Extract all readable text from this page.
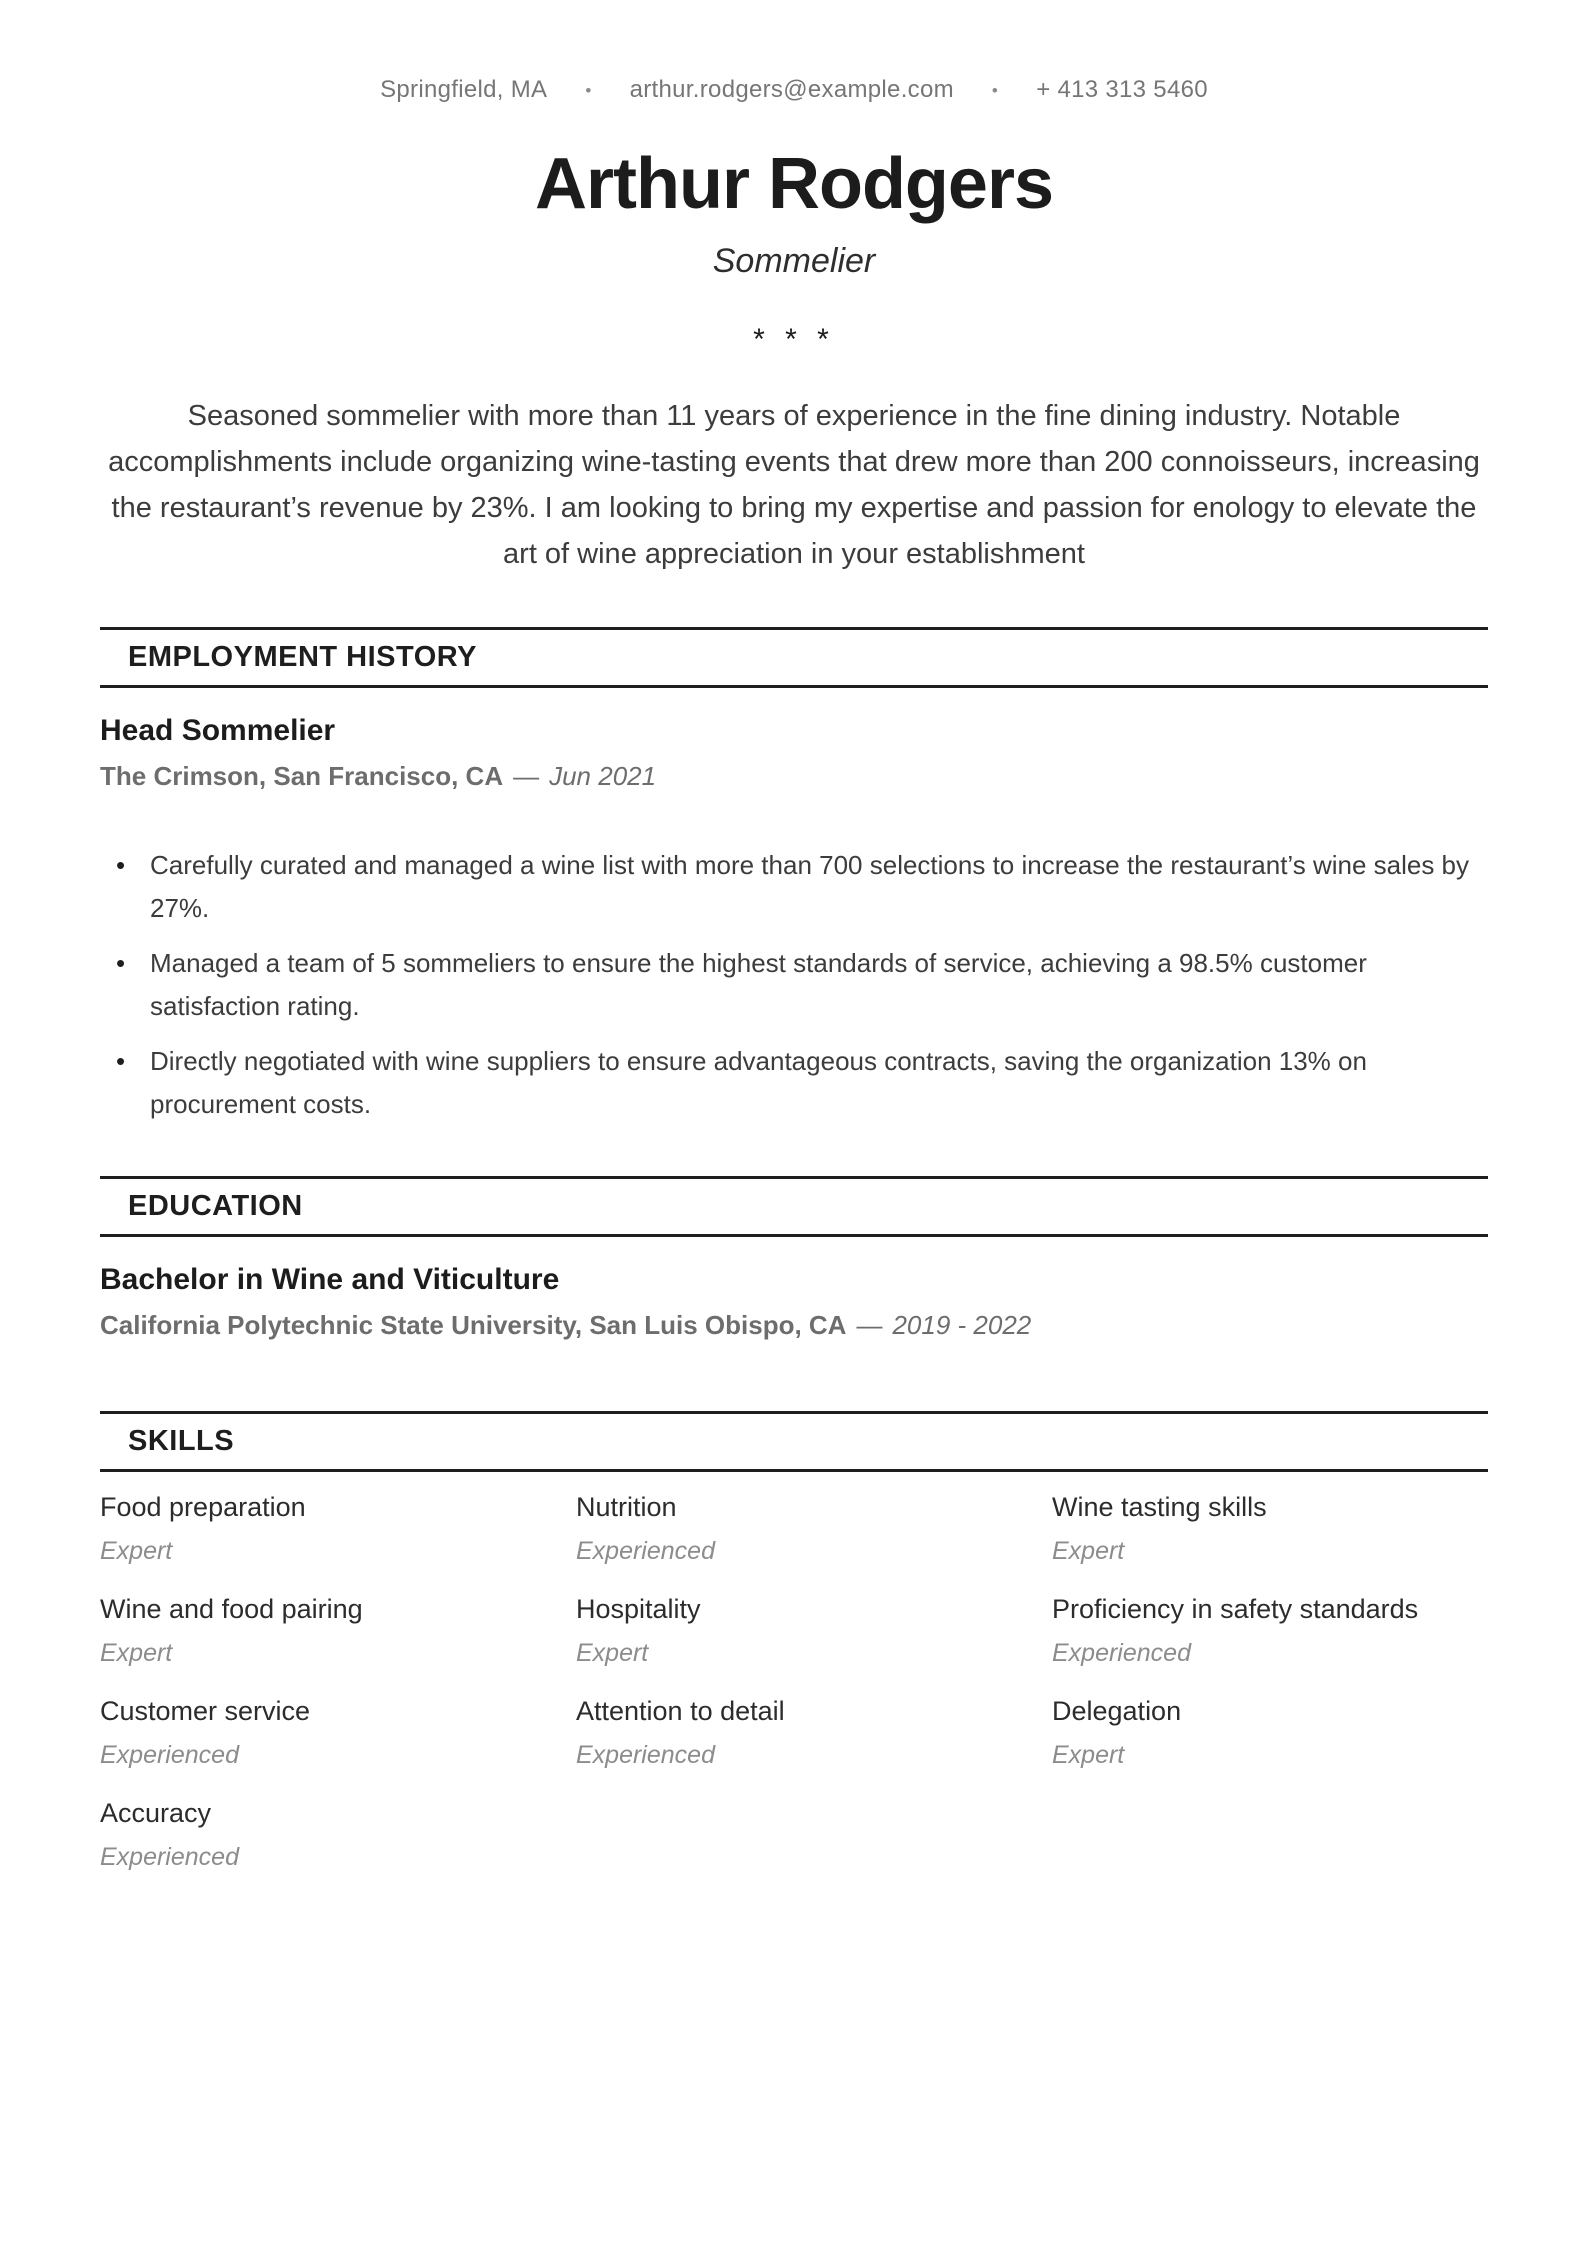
Springfield, MA • arthur.rodgers@example.com • + 413 313 5460
Arthur Rodgers
Sommelier
* * *

Seasoned sommelier with more than 11 years of experience in the fine dining industry. Notable accomplishments include organizing wine-tasting events that drew more than 200 connoisseurs, increasing the restaurant’s revenue by 23%. I am looking to bring my expertise and passion for enology to elevate the art of wine appreciation in your establishment

EMPLOYMENT HISTORY
Head Sommelier

The Crimson, San Francisco, CA — Jun 2021

• Carefully curated and managed a wine list with more than 700 selections to increase the restaurant’s wine sales by 27%.
• Managed a team of 5 sommeliers to ensure the highest standards of service, achieving a 98.5% customer satisfaction rating.
• Directly negotiated with wine suppliers to ensure advantageous contracts, saving the organization 13% on procurement costs.
EDUCATION
Bachelor in Wine and Viticulture

California Polytechnic State University, San Luis Obispo, CA — 2019 - 2022

SKILLS
Food preparation
Expert
Nutrition
Experienced
Wine tasting skills
Expert
Wine and food pairing
Expert
Hospitality
Expert
Proficiency in safety standards
Experienced
Customer service
Experienced
Attention to detail
Experienced
Delegation
Expert
Accuracy
Experienced
